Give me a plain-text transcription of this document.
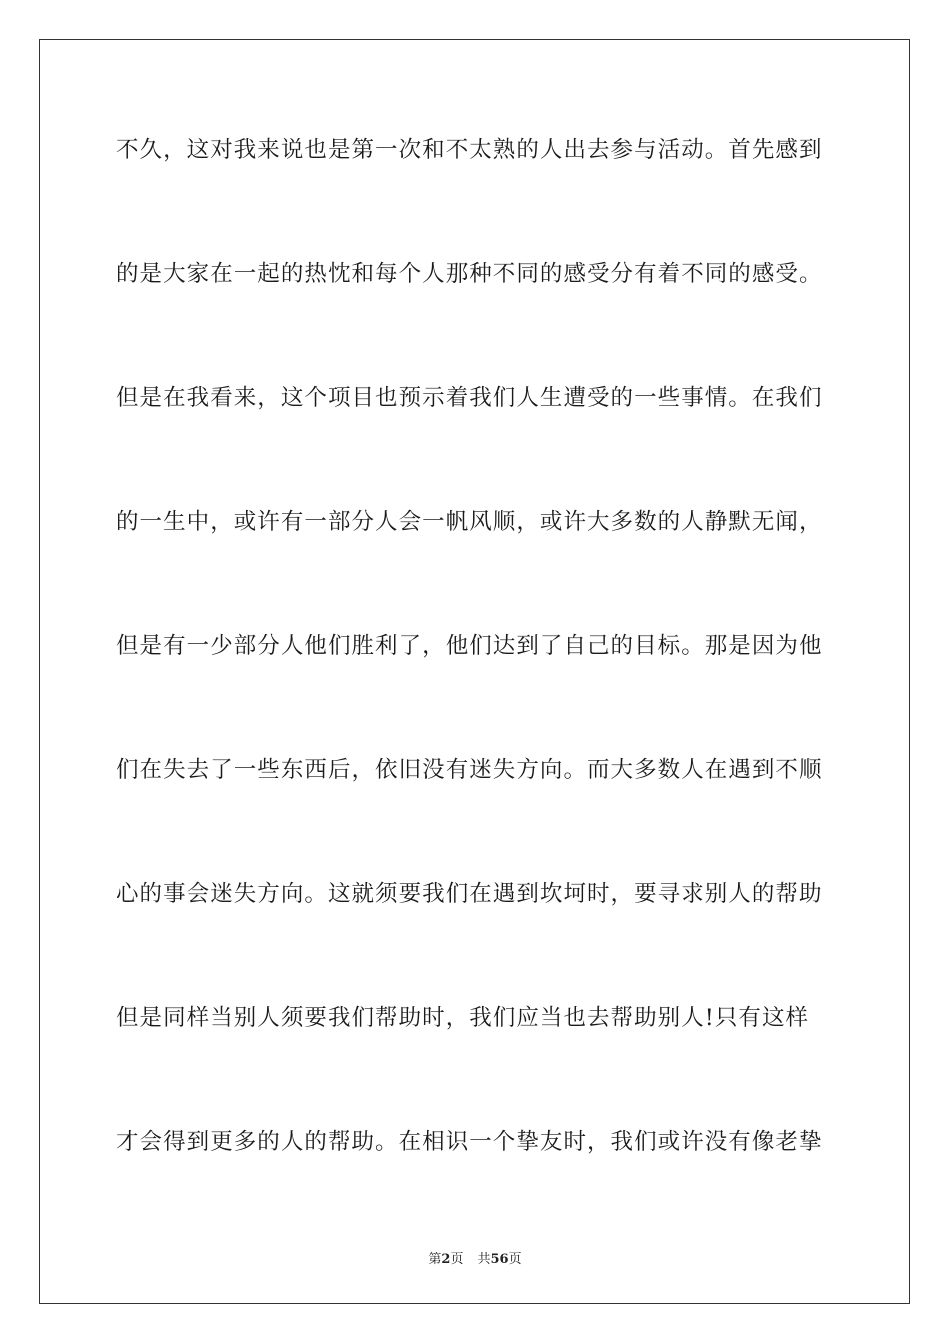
不久，这对我来说也是第一次和不太熟的人出去参与活动。首先感到
的是大家在一起的热忱和每个人那种不同的感受分有着不同的感受。
但是在我看来，这个项目也预示着我们人生遭受的一些事情。在我们
的一生中，或许有一部分人会一帆风顺，或许大多数的人静默无闻，
但是有一少部分人他们胜利了，他们达到了自己的目标。那是因为他
们在失去了一些东西后，依旧没有迷失方向。而大多数人在遇到不顺
心的事会迷失方向。这就须要我们在遇到坎坷时，要寻求别人的帮助
但是同样当别人须要我们帮助时，我们应当也去帮助别人!只有这样
才会得到更多的人的帮助。在相识一个挚友时，我们或许没有像老挚
第2页 共56页
